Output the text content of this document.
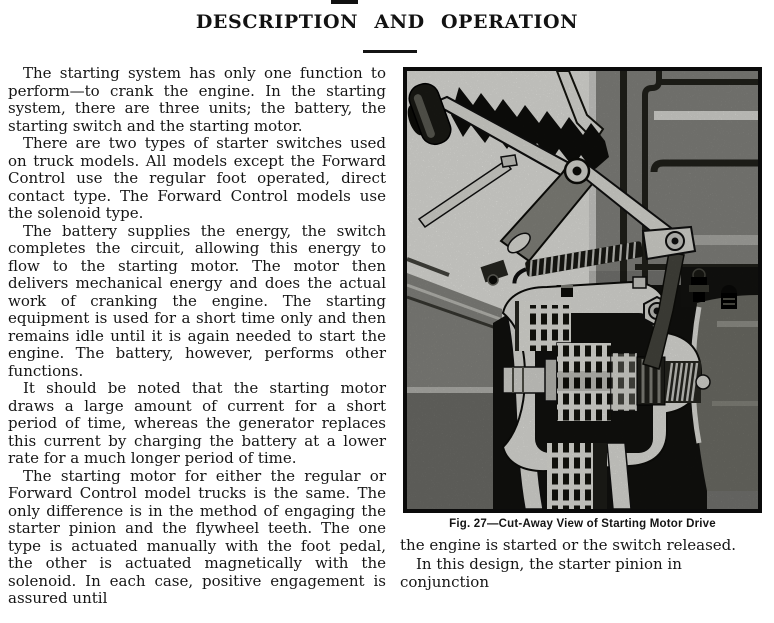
DESCRIPTION AND OPERATION

The starting system has only one function to perform—to crank the engine. In the starting system, there are three units; the battery, the starting switch and the starting motor.

There are two types of starter switches used on truck models. All models except the Forward Control use the regular foot operated, direct contact type. The Forward Control models use the solenoid type.

The battery supplies the energy, the switch completes the circuit, allowing this energy to flow to the starting motor. The motor then delivers mechanical energy and does the actual work of cranking the engine. The starting equipment is used for a short time only and then remains idle until it is again needed to start the engine. The battery, however, performs other functions.

It should be noted that the starting motor draws a large amount of current for a short period of time, whereas the generator replaces this current by charging the battery at a lower rate for a much longer period of time.

The starting motor for either the regular or Forward Control model trucks is the same. The only difference is in the method of engaging the starter pinion and the flywheel teeth. The one type is actuated manually with the foot pedal, the other is actuated magnetically with the solenoid. In each case, positive engagement is assured until

Fig. 27—Cut-Away View of Starting Motor Drive

the engine is started or the switch released.

In this design, the starter pinion in conjunction
